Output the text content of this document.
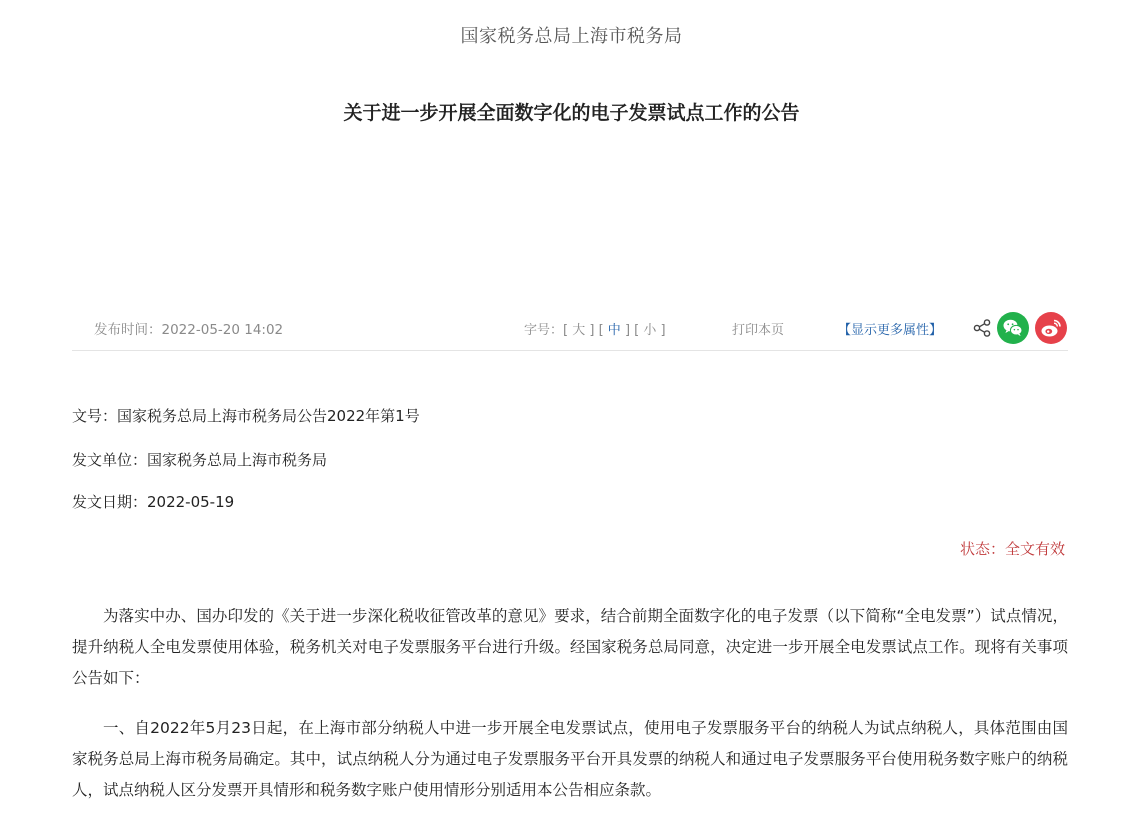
国家税务总局上海市税务局
关于进一步开展全面数字化的电子发票试点工作的公告
发布时间：2022-05-20 14:02	字号：[ 大 ] [ 中 ] [ 小 ]	打印本页	【显示更多属性】
文号：国家税务总局上海市税务局公告2022年第1号
发文单位：国家税务总局上海市税务局
发文日期：2022-05-19
状态：全文有效

为落实中办、国办印发的《关于进一步深化税收征管改革的意见》要求，结合前期全面数字化的电子发票（以下简称“全电发票”）试点情况，提升纳税人全电发票使用体验，税务机关对电子发票服务平台进行升级。经国家税务总局同意，决定进一步开展全电发票试点工作。现将有关事项公告如下：

一、自2022年5月23日起，在上海市部分纳税人中进一步开展全电发票试点，使用电子发票服务平台的纳税人为试点纳税人，具体范围由国家税务总局上海市税务局确定。其中，试点纳税人分为通过电子发票服务平台开具发票的纳税人和通过电子发票服务平台使用税务数字账户的纳税人，试点纳税人区分发票开具情形和税务数字账户使用情形分别适用本公告相应条款。
